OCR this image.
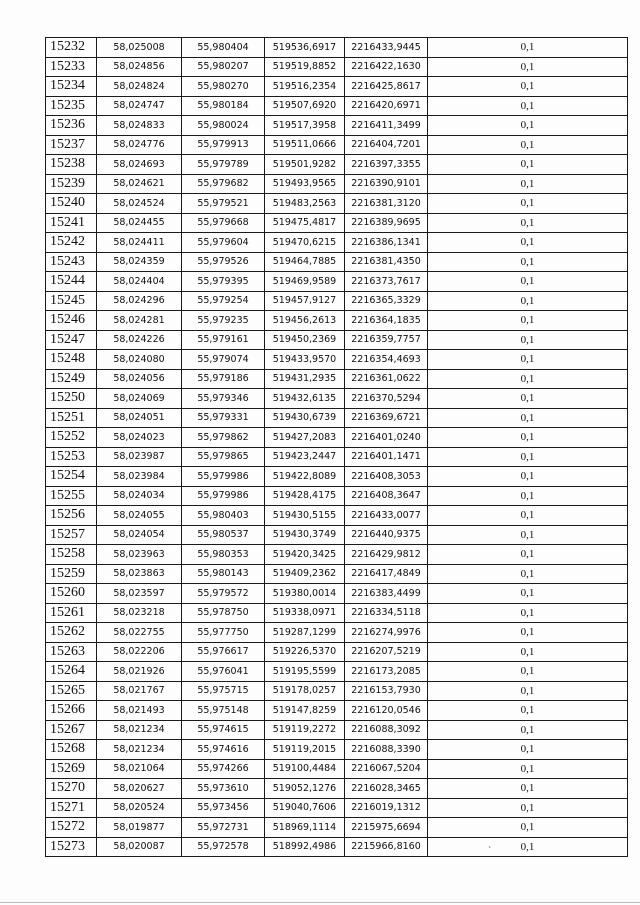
15232	58,025008	55,980404	519536,6917	2216433,9445	0,1
15233	58,024856	55,980207	519519,8852	2216422,1630	0,1
15234	58,024824	55,980270	519516,2354	2216425,8617	0,1
15235	58,024747	55,980184	519507,6920	2216420,6971	0,1
15236	58,024833	55,980024	519517,3958	2216411,3499	0,1
15237	58,024776	55,979913	519511,0666	2216404,7201	0,1
15238	58,024693	55,979789	519501,9282	2216397,3355	0,1
15239	58,024621	55,979682	519493,9565	2216390,9101	0,1
15240	58,024524	55,979521	519483,2563	2216381,3120	0,1
15241	58,024455	55,979668	519475,4817	2216389,9695	0,1
15242	58,024411	55,979604	519470,6215	2216386,1341	0,1
15243	58,024359	55,979526	519464,7885	2216381,4350	0,1
15244	58,024404	55,979395	519469,9589	2216373,7617	0,1
15245	58,024296	55,979254	519457,9127	2216365,3329	0,1
15246	58,024281	55,979235	519456,2613	2216364,1835	0,1
15247	58,024226	55,979161	519450,2369	2216359,7757	0,1
15248	58,024080	55,979074	519433,9570	2216354,4693	0,1
15249	58,024056	55,979186	519431,2935	2216361,0622	0,1
15250	58,024069	55,979346	519432,6135	2216370,5294	0,1
15251	58,024051	55,979331	519430,6739	2216369,6721	0,1
15252	58,024023	55,979862	519427,2083	2216401,0240	0,1
15253	58,023987	55,979865	519423,2447	2216401,1471	0,1
15254	58,023984	55,979986	519422,8089	2216408,3053	0,1
15255	58,024034	55,979986	519428,4175	2216408,3647	0,1
15256	58,024055	55,980403	519430,5155	2216433,0077	0,1
15257	58,024054	55,980537	519430,3749	2216440,9375	0,1
15258	58,023963	55,980353	519420,3425	2216429,9812	0,1
15259	58,023863	55,980143	519409,2362	2216417,4849	0,1
15260	58,023597	55,979572	519380,0014	2216383,4499	0,1
15261	58,023218	55,978750	519338,0971	2216334,5118	0,1
15262	58,022755	55,977750	519287,1299	2216274,9976	0,1
15263	58,022206	55,976617	519226,5370	2216207,5219	0,1
15264	58,021926	55,976041	519195,5599	2216173,2085	0,1
15265	58,021767	55,975715	519178,0257	2216153,7930	0,1
15266	58,021493	55,975148	519147,8259	2216120,0546	0,1
15267	58,021234	55,974615	519119,2272	2216088,3092	0,1
15268	58,021234	55,974616	519119,2015	2216088,3390	0,1
15269	58,021064	55,974266	519100,4484	2216067,5204	0,1
15270	58,020627	55,973610	519052,1276	2216028,3465	0,1
15271	58,020524	55,973456	519040,7606	2216019,1312	0,1
15272	58,019877	55,972731	518969,1114	2215975,6694	0,1
15273	58,020087	55,972578	518992,4986	2215966,8160	0,1
`
